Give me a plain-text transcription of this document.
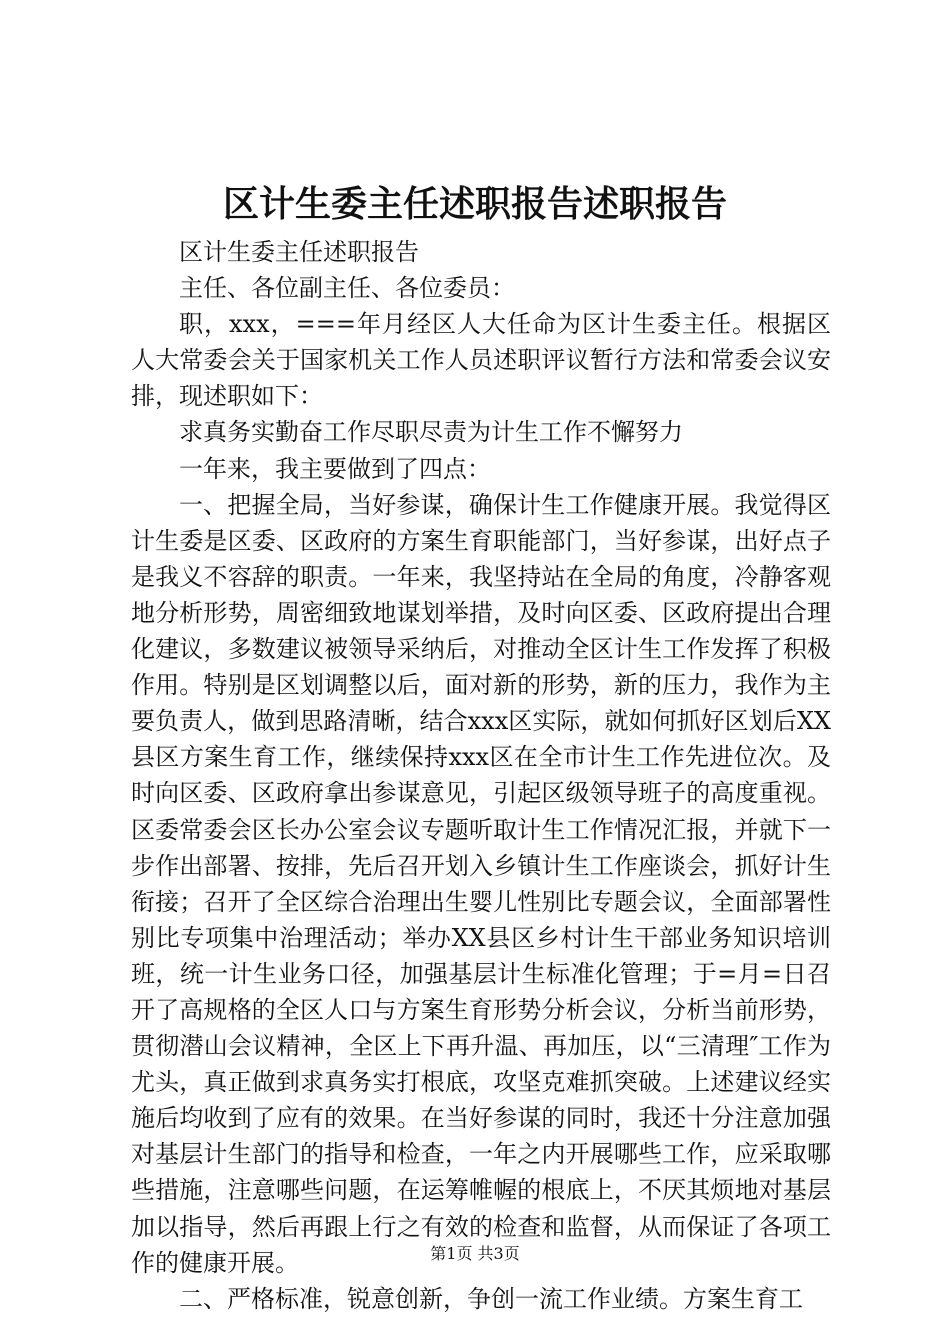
区计生委主任述职报告述职报告

区计生委主任述职报告

主任、各位副主任、各位委员：

职，xxx，===年月经区人大任命为区计生委主任。根据区人大常委会关于国家机关工作人员述职评议暂行方法和常委会议安排，现述职如下：

求真务实勤奋工作尽职尽责为计生工作不懈努力

一年来，我主要做到了四点：

一、把握全局，当好参谋，确保计生工作健康开展。我觉得区计生委是区委、区政府的方案生育职能部门，当好参谋，出好点子是我义不容辞的职责。一年来，我坚持站在全局的角度，冷静客观地分析形势，周密细致地谋划举措，及时向区委、区政府提出合理化建议，多数建议被领导采纳后，对推动全区计生工作发挥了积极作用。特别是区划调整以后，面对新的形势，新的压力，我作为主要负责人，做到思路清晰，结合xxx区实际，就如何抓好区划后XX县区方案生育工作，继续保持xxx区在全市计生工作先进位次。及时向区委、区政府拿出参谋意见，引起区级领导班子的高度重视。区委常委会区长办公室会议专题听取计生工作情况汇报，并就下一步作出部署、按排，先后召开划入乡镇计生工作座谈会，抓好计生衔接；召开了全区综合治理出生婴儿性别比专题会议，全面部署性别比专项集中治理活动；举办XX县区乡村计生干部业务知识培训班，统一计生业务口径，加强基层计生标准化管理；于=月=日召开了高规格的全区人口与方案生育形势分析会议，分析当前形势，贯彻潜山会议精神，全区上下再升温、再加压，以“三清理″工作为尤头，真正做到求真务实打根底，攻坚克难抓突破。上述建议经实施后均收到了应有的效果。在当好参谋的同时，我还十分注意加强对基层计生部门的指导和检查，一年之内开展哪些工作，应采取哪些措施，注意哪些问题，在运筹帷幄的根底上，不厌其烦地对基层加以指导，然后再跟上行之有效的检查和监督，从而保证了各项工作的健康开展。

二、严格标准，锐意创新，争创一流工作业绩。方案生育工

第1页 共3页
